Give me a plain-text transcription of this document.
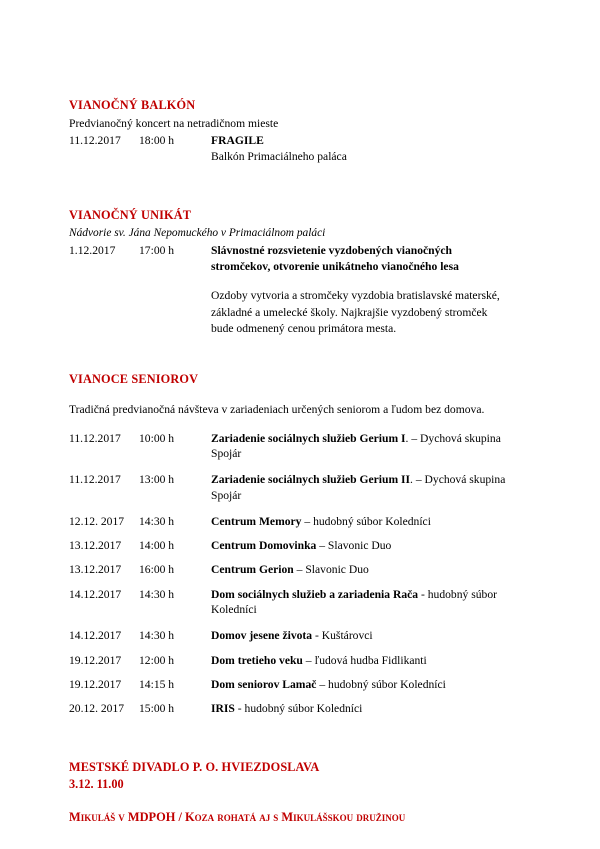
VIANOČNÝ BALKÓN

Predvianočný koncert na netradičnom mieste

11.12.2017	18:00 h	FRAGILE
Balkón Primaciálneho paláca

VIANOČNÝ UNIKÁT

Nádvorie sv. Jána Nepomuckého v Primaciálnom paláci

1.12.2017	17:00 h	Slávnostné rozsvietenie vyzdobených vianočných
stromčekov, otvorenie unikátneho vianočného lesa
Ozdoby vytvoria a stromčeky vyzdobia bratislavské materské,
základné a umelecké školy. Najkrajšie vyzdobený stromček
bude odmenený cenou primátora mesta.

VIANOCE SENIOROV

Tradičná predvianočná návšteva v zariadeniach určených seniorom a ľudom bez domova.

11.12.2017	10:00 h	Zariadenie sociálnych služieb Gerium I. – Dychová skupina Spojár
11.12.2017	13:00 h	Zariadenie sociálnych služieb Gerium II. – Dychová skupina Spojár
12.12. 2017	14:30 h	Centrum Memory – hudobný súbor Koledníci
13.12.2017	14:00 h	Centrum Domovinka – Slavonic Duo
13.12.2017	16:00 h	Centrum Gerion – Slavonic Duo
14.12.2017	14:30 h	Dom sociálnych služieb a zariadenia Rača - hudobný súbor Koledníci
14.12.2017	14:30 h	Domov jesene života - Kuštárovci
19.12.2017	12:00 h	Dom tretieho veku – ľudová hudba Fidlikanti
19.12.2017	14:15 h	Dom seniorov Lamač – hudobný súbor Koledníci
20.12. 2017	15:00 h	IRIS - hudobný súbor Koledníci

MESTSKÉ DIVADLO P. O. HVIEZDOSLAVA

3.12. 11.00

Mikuláš v MDPOH / Koza rohatá aj s Mikulášskou družinou
